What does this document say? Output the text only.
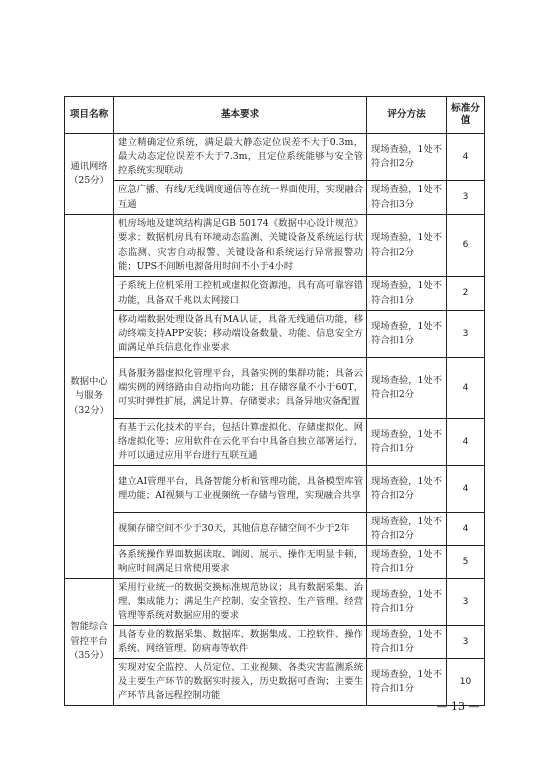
项目名称	基本要求	评分方法	标准分值
通讯网络（25分）	建立精确定位系统，满足最大静态定位误差不大于0.3m，最大动态定位误差不大于7.3m，且定位系统能够与安全管控系统实现联动	现场查验，1处不符合扣2分	4
	应急广播、有线/无线调度通信等在统一界面使用，实现融合互通	现场查验，1处不符合扣3分	3
数据中心与服务（32分）	机房场地及建筑结构满足GB 50174《数据中心设计规范》要求；数据机房具有环境动态监测、关键设备及系统运行状态监测、灾害自动报警、关键设备和系统运行异常报警功能；UPS不间断电源备用时间不小于4小时	现场查验，1处不符合扣2分	6
	子系统上位机采用工控机或虚拟化资源池，具有高可靠容错功能，具备双千兆以太网接口	现场查验，1处不符合扣1分	2
	移动端数据处理设备具有MA认证，具备无线通信功能，移动终端支持APP安装；移动端设备数量、功能、信息安全方面满足单兵信息化作业要求	现场查验，1处不符合扣1分	3
	具备服务器虚拟化管理平台，具备实例的集群功能；具备云端实例的网络路由自动指向功能；且存储容量不小于60T，可实时弹性扩展，满足计算、存储要求；具备异地灾备配置	现场查验，1处不符合扣2分	4
	有基于云化技术的平台，包括计算虚拟化、存储虚拟化、网络虚拟化等；应用软件在云化平台中具备自独立部署运行，并可以通过应用平台进行互联互通	现场查验，1处不符合扣1分	4
	建立AI管理平台，具备智能分析和管理功能，具备模型库管理功能；AI视频与工业视频统一存储与管理，实现融合共享	现场查验，1处不符合扣2分	4
	视频存储空间不少于30天，其他信息存储空间不少于2年	现场查验，1处不符合扣2分	4
	各系统操作界面数据读取、调阅、展示、操作无明显卡顿，响应时间满足日常使用要求	现场查验，1处不符合扣1分	5
智能综合管控平台（35分）	采用行业统一的数据交换标准规范协议；具有数据采集、治理、集成能力；满足生产控制、安全管控、生产管理、经营管理等系统对数据应用的要求	现场查验，1处不符合扣1分	3
	具备专业的数据采集、数据库、数据集成、工控软件、操作系统、网络管理、防病毒等软件	现场查验，1处不符合扣1分	3
	实现对安全监控、人员定位、工业视频、各类灾害监测系统及主要生产环节的数据实时接入，历史数据可查询；主要生产环节具备远程控制功能	现场查验，1处不符合扣1分	10
— 13 —
